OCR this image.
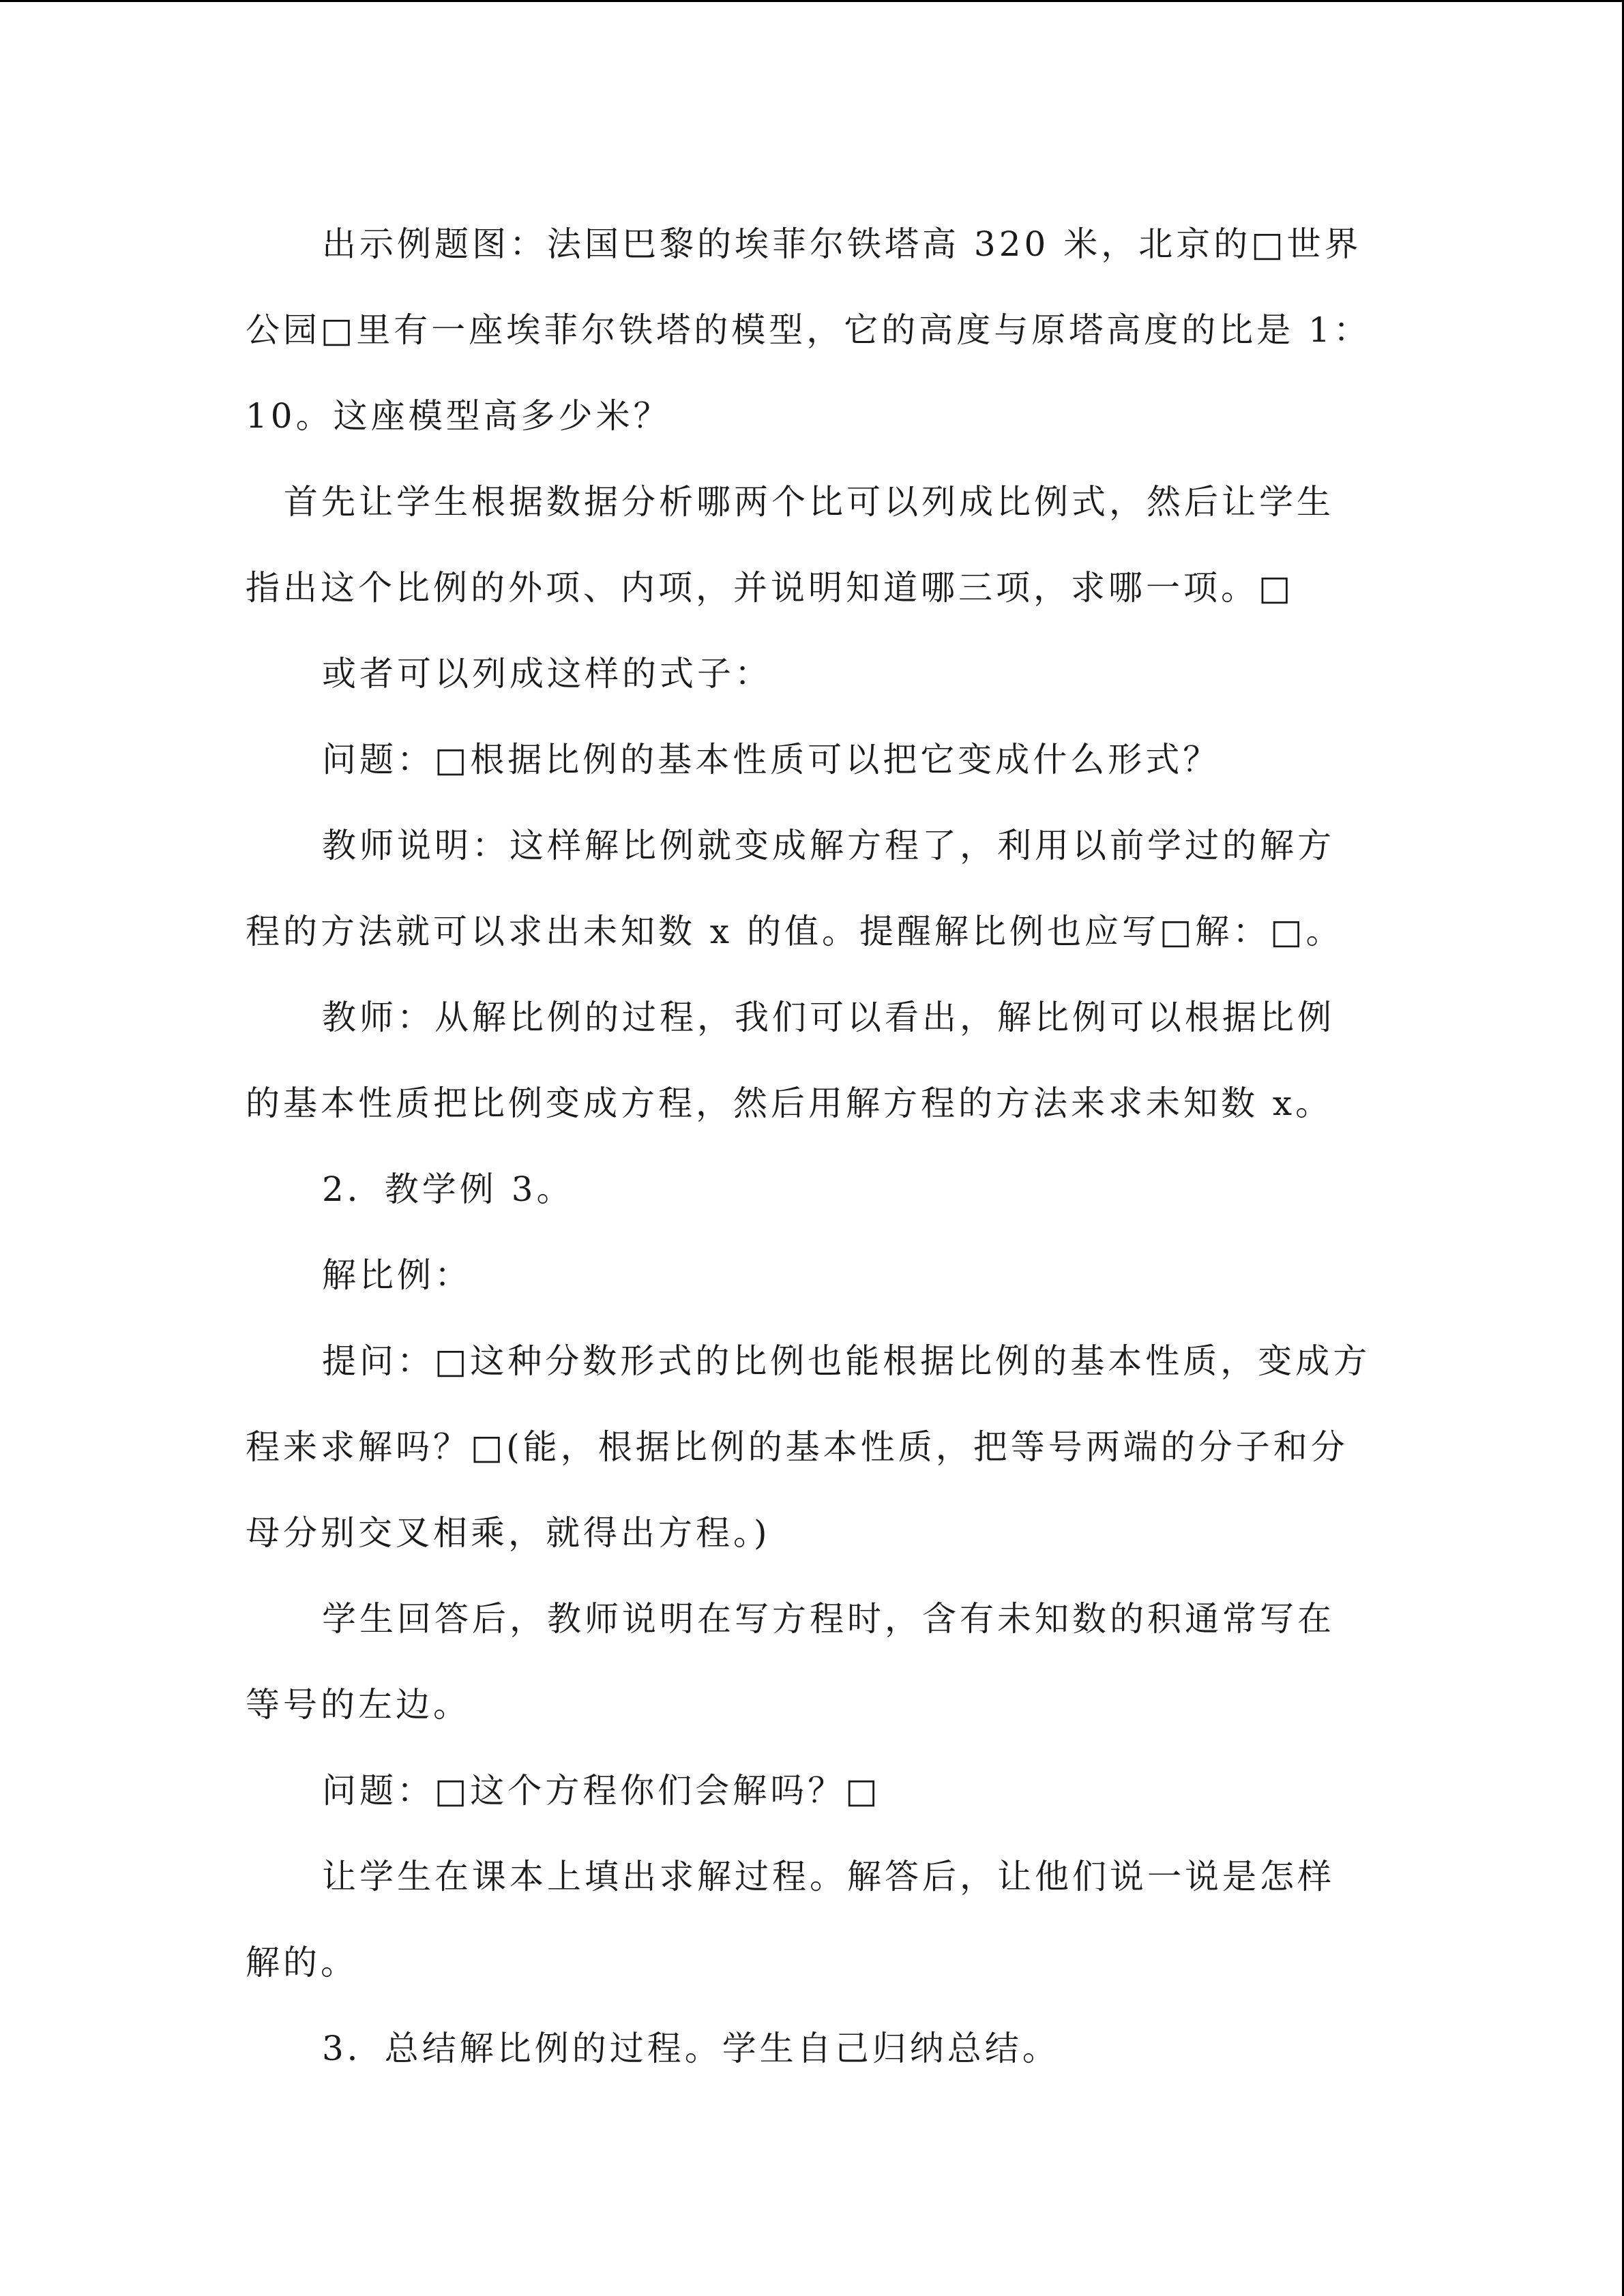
出示例题图：法国巴黎的埃菲尔铁塔高 320 米，北京的□世界
公园□里有一座埃菲尔铁塔的模型，它的高度与原塔高度的比是 1：
10。这座模型高多少米？
首先让学生根据数据分析哪两个比可以列成比例式，然后让学生
指出这个比例的外项、内项，并说明知道哪三项，求哪一项。□
或者可以列成这样的式子：
问题：□根据比例的基本性质可以把它变成什么形式？
教师说明：这样解比例就变成解方程了，利用以前学过的解方
程的方法就可以求出未知数 x 的值。提醒解比例也应写□解：□。
教师：从解比例的过程，我们可以看出，解比例可以根据比例
的基本性质把比例变成方程，然后用解方程的方法来求未知数 x。
2．教学例 3。
解比例：
提问：□这种分数形式的比例也能根据比例的基本性质，变成方
程来求解吗？□(能，根据比例的基本性质，把等号两端的分子和分
母分别交叉相乘，就得出方程。)
学生回答后，教师说明在写方程时，含有未知数的积通常写在
等号的左边。
问题：□这个方程你们会解吗？□
让学生在课本上填出求解过程。解答后，让他们说一说是怎样
解的。
3．总结解比例的过程。学生自己归纳总结。
